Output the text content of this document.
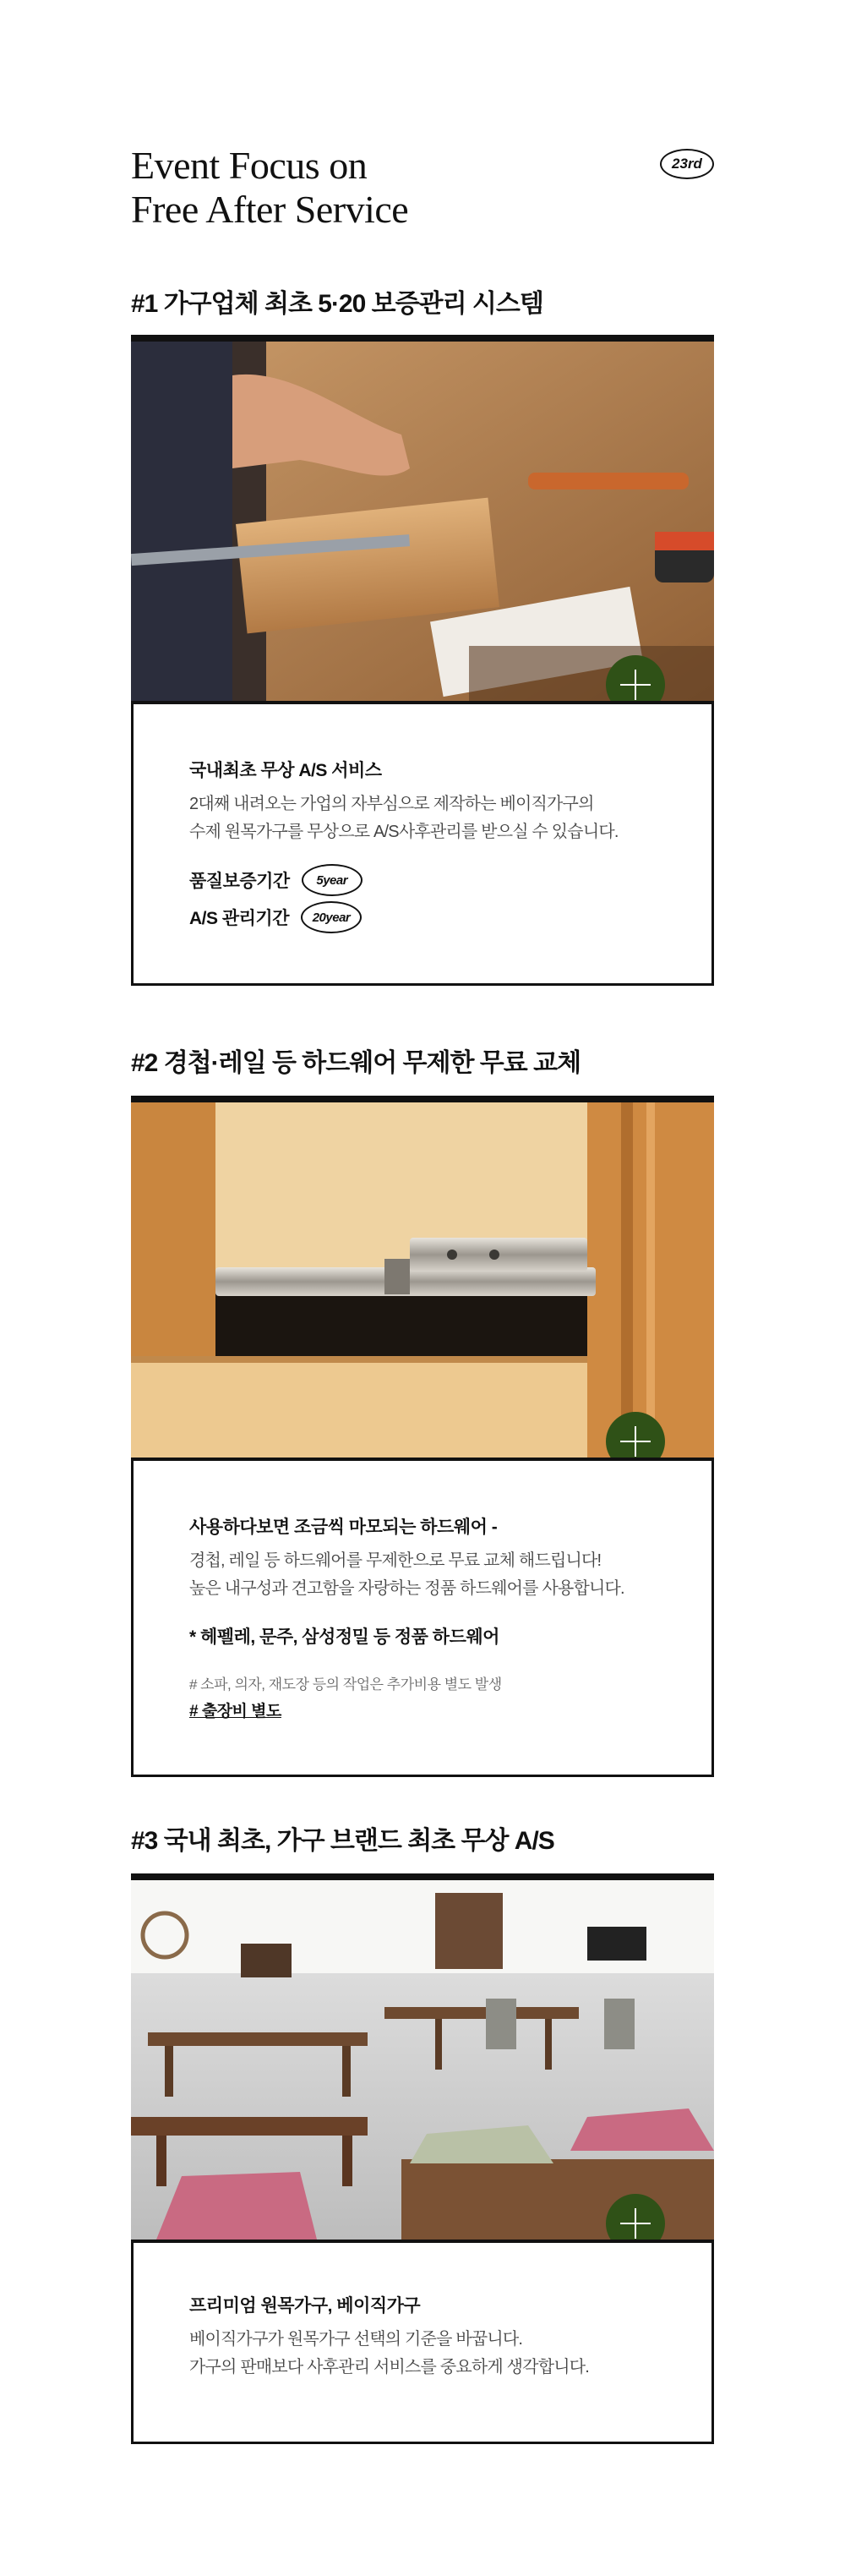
Event Focus on
Free After Service
23rd
#1 가구업체 최초 5·20 보증관리 시스템
국내최초 무상 A/S 서비스
2대째 내려오는 가업의 자부심으로 제작하는 베이직가구의
수제 원목가구를 무상으로 A/S사후관리를 받으실 수 있습니다.
품질보증기간	5year
A/S 관리기간	20year
#2 경첩·레일 등 하드웨어 무제한 무료 교체
사용하다보면 조금씩 마모되는 하드웨어 -
경첩, 레일 등 하드웨어를 무제한으로 무료 교체 해드립니다!
높은 내구성과 견고함을 자랑하는 정품 하드웨어를 사용합니다.
* 헤펠레, 문주, 삼성정밀 등 정품 하드웨어
# 소파, 의자, 재도장 등의 작업은 추가비용 별도 발생
# 출장비 별도
#3 국내 최초, 가구 브랜드 최초 무상 A/S
프리미엄 원목가구, 베이직가구
베이직가구가 원목가구 선택의 기준을 바꿉니다.
가구의 판매보다 사후관리 서비스를 중요하게 생각합니다.
